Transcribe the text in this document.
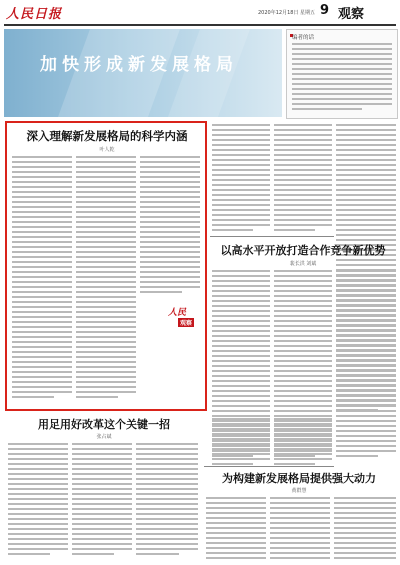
人民日报	2020年12月18日 星期五 9 观察
育新机 开新局
加快形成新发展格局
编者的话
深入理解新发展格局的科学内涵
叶人乾
人民
观察
以高水平开放打造合作竞争新优势
裴长洪 刘斌
用足用好改革这个关键一招
张占斌
为构建新发展格局提供强大动力
黄群慧
